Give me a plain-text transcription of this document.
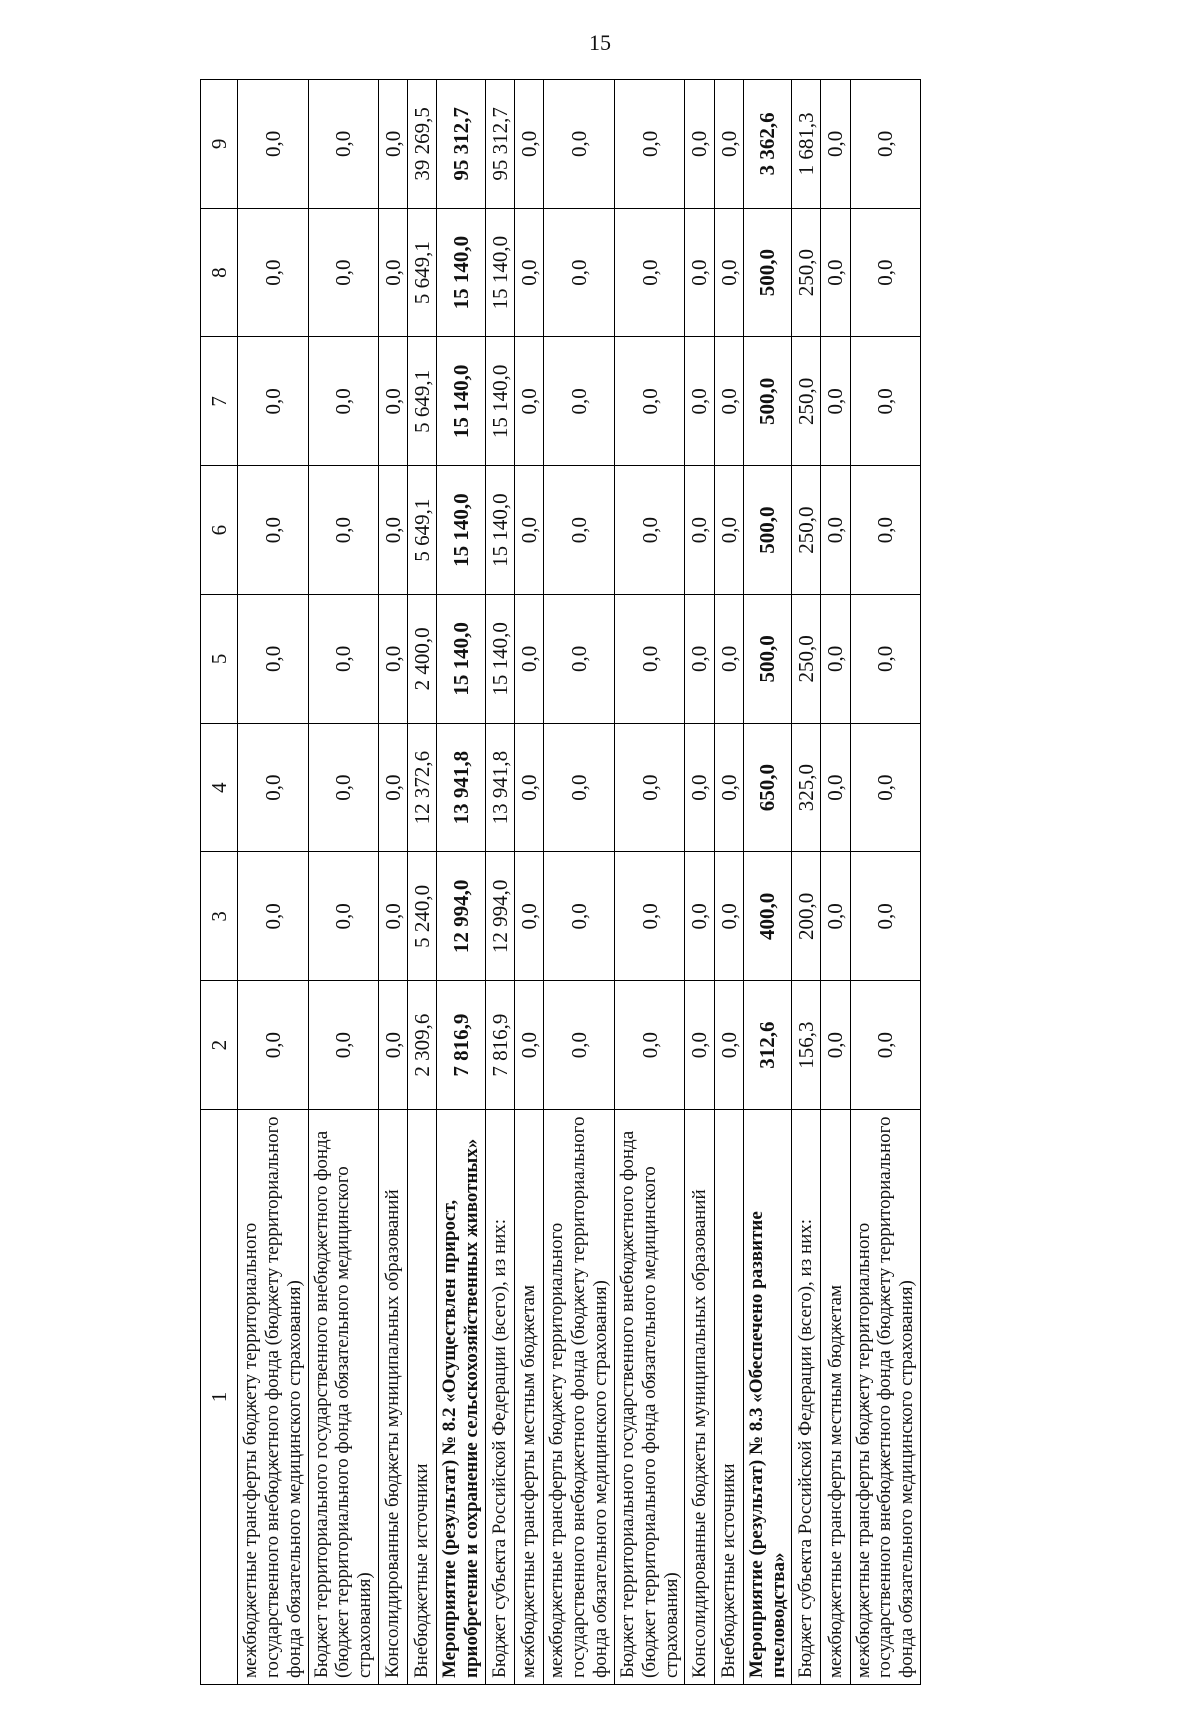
15
1	2	3	4	5	6	7	8	9
межбюджетные трансферты бюджету территориального государственного внебюджетного фонда (бюджету территориального фонда обязательного медицинского страхования)	0,0	0,0	0,0	0,0	0,0	0,0	0,0	0,0
Бюджет территориального государственного внебюджетного фонда (бюджет территориального фонда обязательного медицинского страхования)	0,0	0,0	0,0	0,0	0,0	0,0	0,0	0,0
Консолидированные бюджеты муниципальных образований	0,0	0,0	0,0	0,0	0,0	0,0	0,0	0,0
Внебюджетные источники	2 309,6	5 240,0	12 372,6	2 400,0	5 649,1	5 649,1	5 649,1	39 269,5
Мероприятие (результат) № 8.2 «Осуществлен прирост, приобретение и сохранение сельскохозяйственных животных»	7 816,9	12 994,0	13 941,8	15 140,0	15 140,0	15 140,0	15 140,0	95 312,7
Бюджет субъекта Российской Федерации (всего), из них:	7 816,9	12 994,0	13 941,8	15 140,0	15 140,0	15 140,0	15 140,0	95 312,7
межбюджетные трансферты местным бюджетам	0,0	0,0	0,0	0,0	0,0	0,0	0,0	0,0
межбюджетные трансферты бюджету территориального государственного внебюджетного фонда (бюджету территориального фонда обязательного медицинского страхования)	0,0	0,0	0,0	0,0	0,0	0,0	0,0	0,0
Бюджет территориального государственного внебюджетного фонда (бюджет территориального фонда обязательного медицинского страхования)	0,0	0,0	0,0	0,0	0,0	0,0	0,0	0,0
Консолидированные бюджеты муниципальных образований	0,0	0,0	0,0	0,0	0,0	0,0	0,0	0,0
Внебюджетные источники	0,0	0,0	0,0	0,0	0,0	0,0	0,0	0,0
Мероприятие (результат) № 8.3 «Обеспечено развитие пчеловодства»	312,6	400,0	650,0	500,0	500,0	500,0	500,0	3 362,6
Бюджет субъекта Российской Федерации (всего), из них:	156,3	200,0	325,0	250,0	250,0	250,0	250,0	1 681,3
межбюджетные трансферты местным бюджетам	0,0	0,0	0,0	0,0	0,0	0,0	0,0	0,0
межбюджетные трансферты бюджету территориального государственного внебюджетного фонда (бюджету территориального фонда обязательного медицинского страхования)	0,0	0,0	0,0	0,0	0,0	0,0	0,0	0,0
